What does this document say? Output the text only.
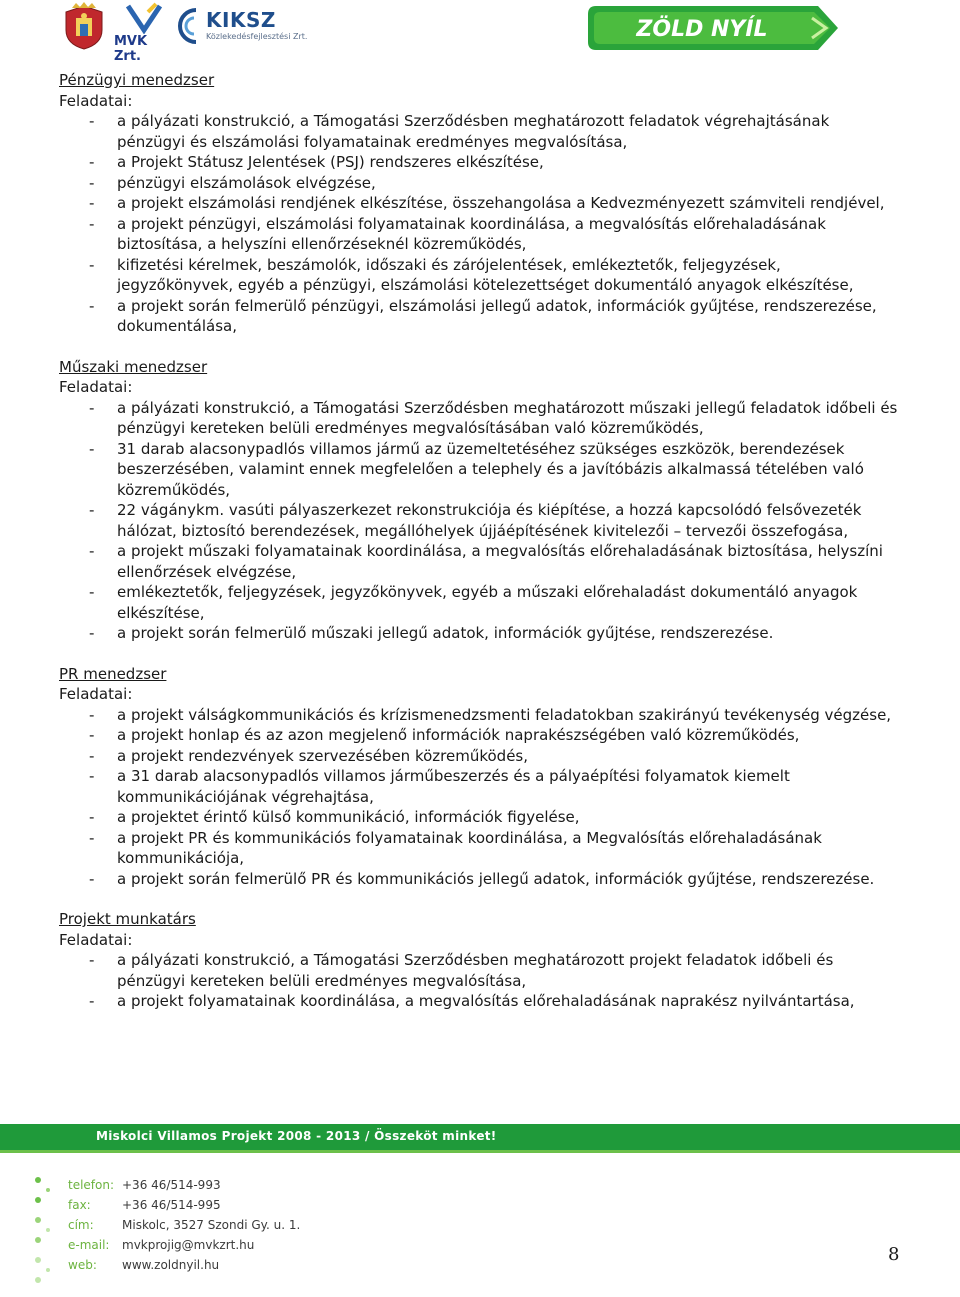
MVK Zrt.
KIKSZ
Közlekedésfejlesztési Zrt.	ZÖLD NYÍL
Pénzügyi menedzser
Feladatai:
- a pályázati konstrukció, a Támogatási Szerződésben meghatározott feladatok végrehajtásának pénzügyi és elszámolási folyamatainak eredményes megvalósítása,
- a Projekt Státusz Jelentések (PSJ) rendszeres elkészítése,
- pénzügyi elszámolások elvégzése,
- a projekt elszámolási rendjének elkészítése, összehangolása a Kedvezményezett számviteli rendjével,
- a projekt pénzügyi, elszámolási folyamatainak koordinálása, a megvalósítás előrehaladásának biztosítása, a helyszíni ellenőrzéseknél közreműködés,
- kifizetési kérelmek, beszámolók, időszaki és zárójelentések, emlékeztetők, feljegyzések, jegyzőkönyvek, egyéb a pénzügyi, elszámolási kötelezettséget dokumentáló anyagok elkészítése,
- a projekt során felmerülő pénzügyi, elszámolási jellegű adatok, információk gyűjtése, rendszerezése, dokumentálása,
Műszaki menedzser
Feladatai:
- a pályázati konstrukció, a Támogatási Szerződésben meghatározott műszaki jellegű feladatok időbeli és pénzügyi kereteken belüli eredményes megvalósításában való közreműködés,
- 31 darab alacsonypadlós villamos jármű az üzemeltetéséhez szükséges eszközök, berendezések beszerzésében, valamint ennek megfelelően a telephely és a javítóbázis alkalmassá tételében való közreműködés,
- 22 vágánykm. vasúti pályaszerkezet rekonstrukciója és kiépítése, a hozzá kapcsolódó felsővezeték hálózat, biztosító berendezések, megállóhelyek újjáépítésének kivitelezői – tervezői összefogása,
- a projekt műszaki folyamatainak koordinálása, a megvalósítás előrehaladásának biztosítása, helyszíni ellenőrzések elvégzése,
- emlékeztetők, feljegyzések, jegyzőkönyvek, egyéb a műszaki előrehaladást dokumentáló anyagok elkészítése,
- a projekt során felmerülő műszaki jellegű adatok, információk gyűjtése, rendszerezése.
PR menedzser
Feladatai:
- a projekt válságkommunikációs és krízismenedzsmenti feladatokban szakirányú tevékenység végzése,
- a projekt honlap és az azon megjelenő információk naprakészségében való közreműködés,
- a projekt rendezvények szervezésében közreműködés,
- a 31 darab alacsonypadlós villamos járműbeszerzés és a pályaépítési folyamatok kiemelt kommunikációjának végrehajtása,
- a projektet érintő külső kommunikáció, információk figyelése,
- a projekt PR és kommunikációs folyamatainak koordinálása, a Megvalósítás előrehaladásának kommunikációja,
- a projekt során felmerülő PR és kommunikációs jellegű adatok, információk gyűjtése, rendszerezése.
Projekt munkatárs
Feladatai:
- a pályázati konstrukció, a Támogatási Szerződésben meghatározott projekt feladatok időbeli és pénzügyi kereteken belüli eredményes megvalósítása,
- a projekt folyamatainak koordinálása, a megvalósítás előrehaladásának naprakész nyilvántartása,
Miskolci Villamos Projekt 2008 - 2013 / Összeköt minket!
telefon: +36 46/514-993
fax:	+36 46/514-995
cím: Miskolc, 3527 Szondi Gy. u. 1.
e-mail: mvkprojig@mvkzrt.hu
web: www.zoldnyil.hu	8
